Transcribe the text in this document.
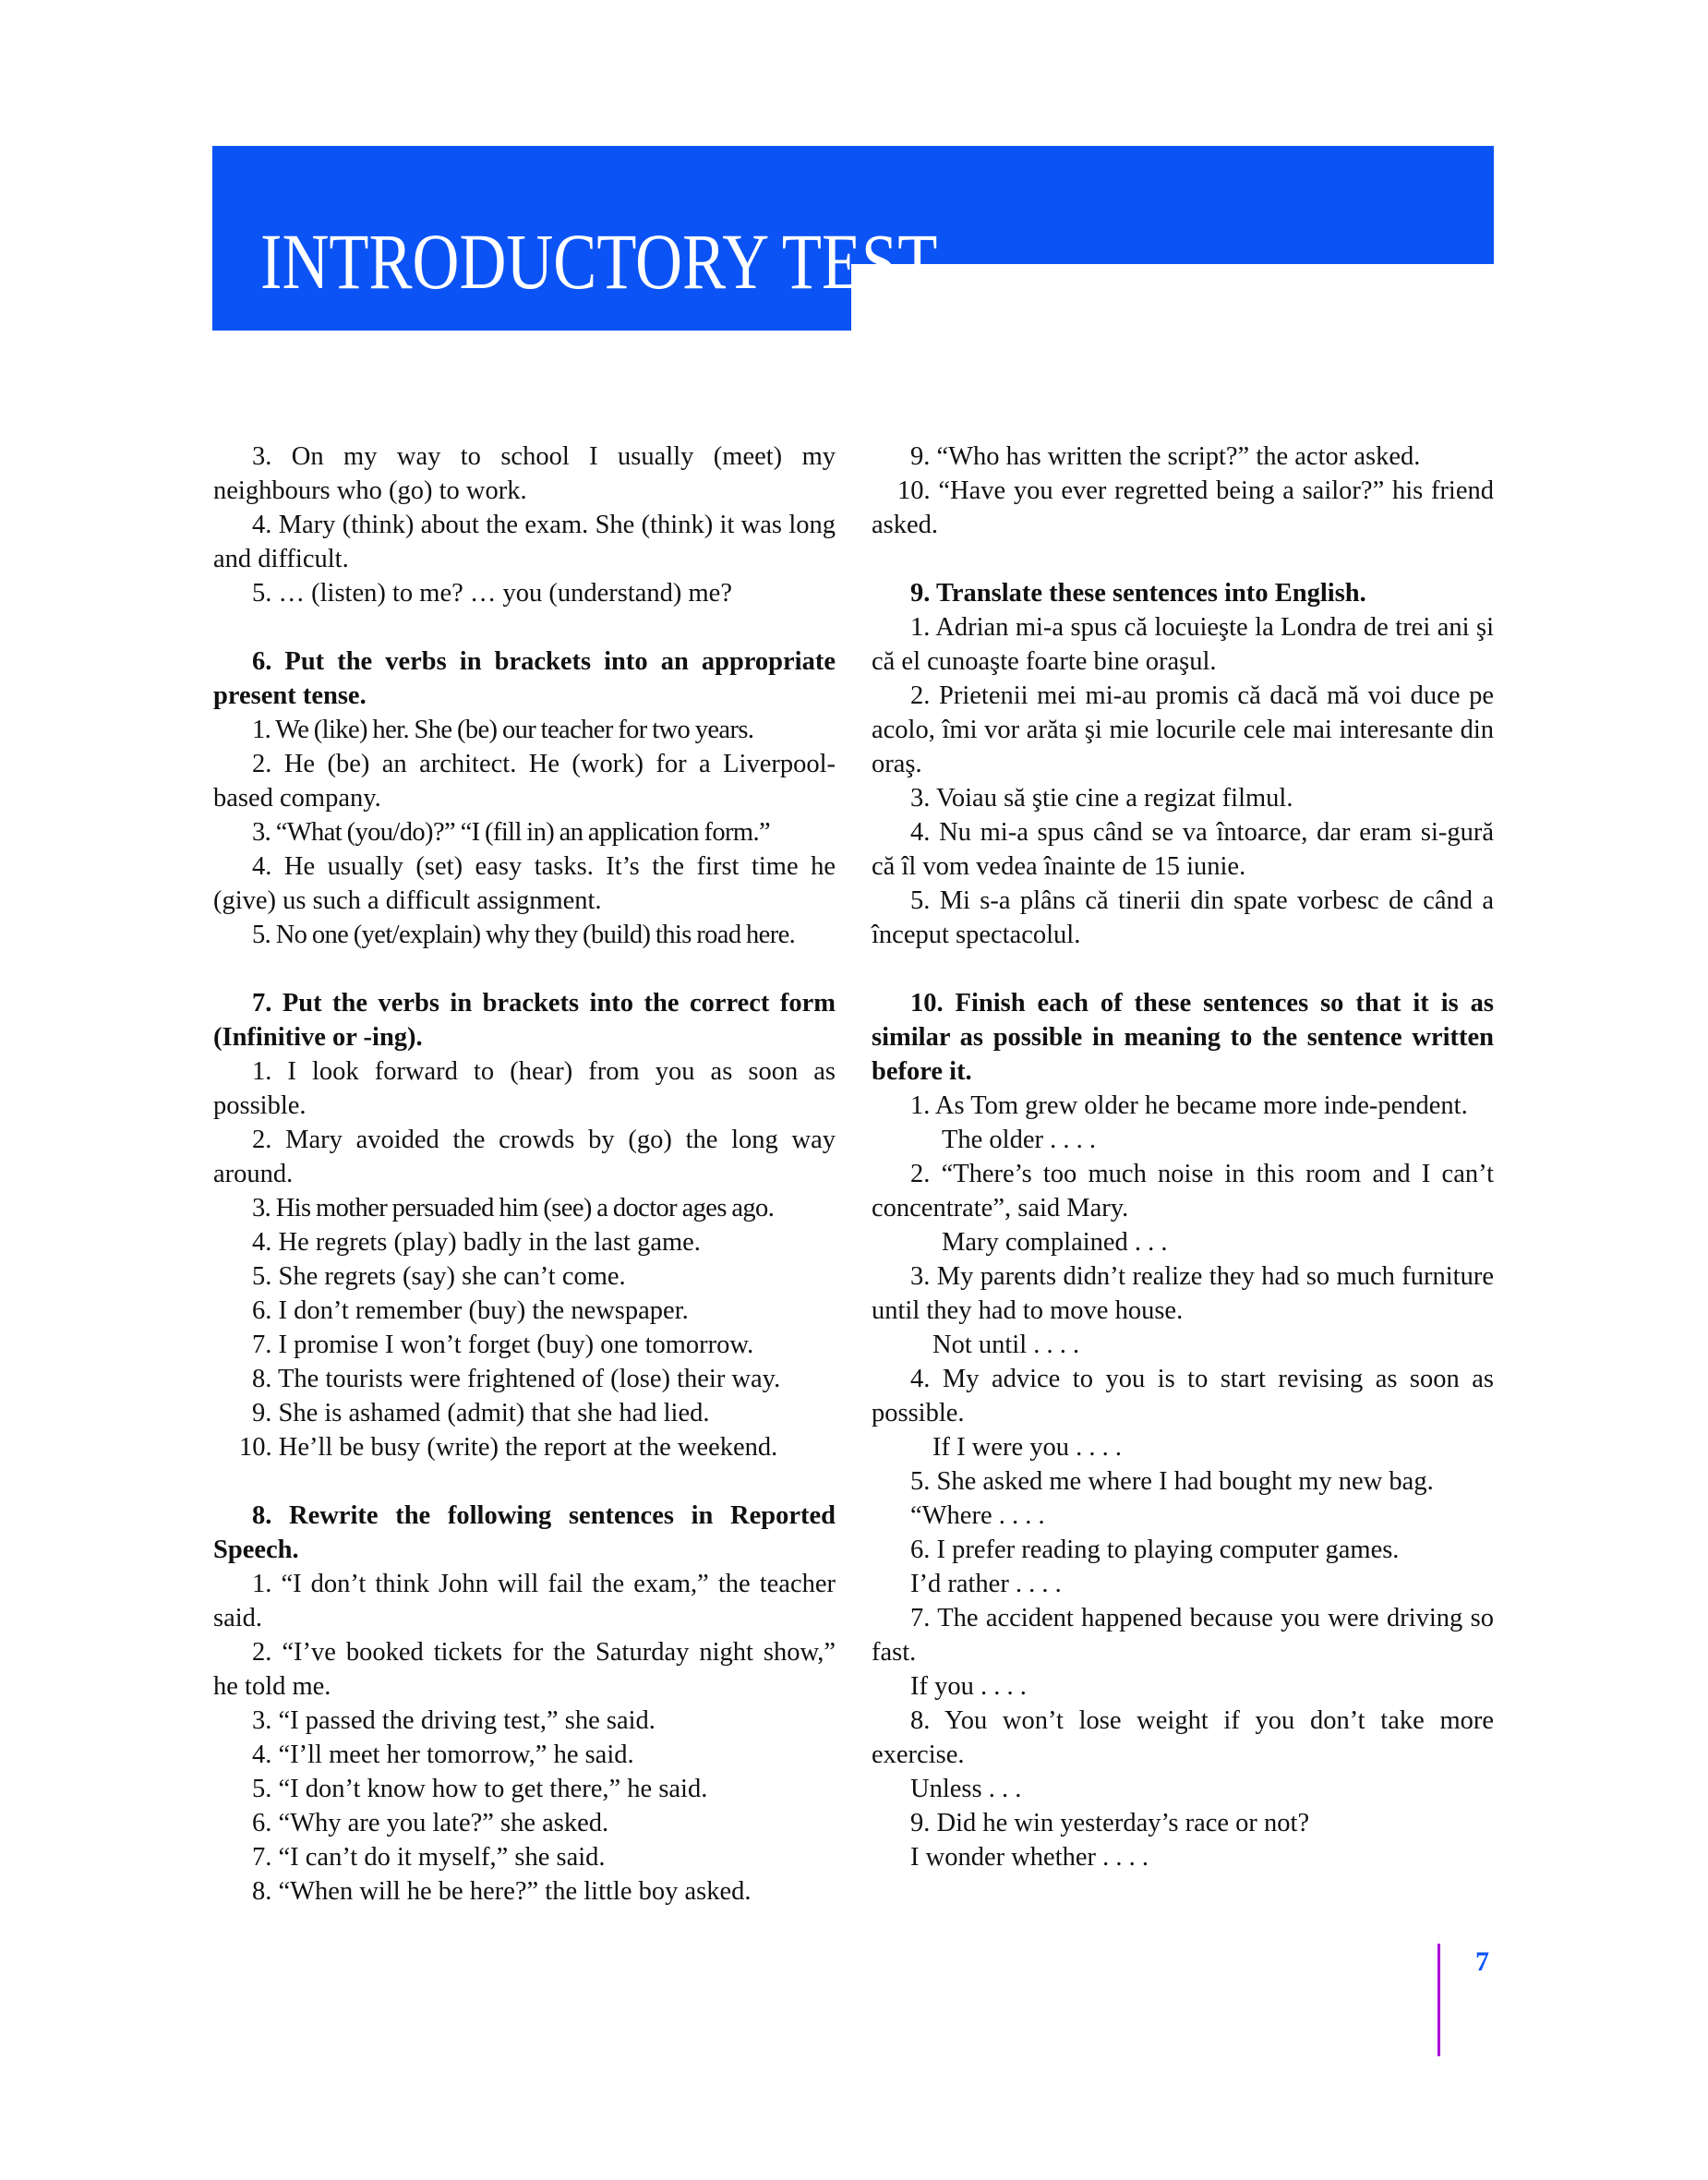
INTRODUCTORY TEST

3. On my way to school I usually (meet) my neighbours who (go) to work.

4. Mary (think) about the exam. She (think) it was long and difficult.

5. … (listen) to me? … you (understand) me?

6. Put the verbs in brackets into an appropriate present tense.

1. We (like) her. She (be) our teacher for two years.

2. He (be) an architect. He (work) for a Liverpool-based company.

3. “What (you/do)?” “I (fill in) an application form.”

4. He usually (set) easy tasks. It’s the first time he (give) us such a difficult assignment.

5. No one (yet/explain) why they (build) this road here.

7. Put the verbs in brackets into the correct form (Infinitive or -ing).

1. I look forward to (hear) from you as soon as possible.

2. Mary avoided the crowds by (go) the long way around.

3. His mother persuaded him (see) a doctor ages ago.

4. He regrets (play) badly in the last game.

5. She regrets (say) she can’t come.

6. I don’t remember (buy) the newspaper.

7. I promise I won’t forget (buy) one tomorrow.

8. The tourists were frightened of (lose) their way.

9. She is ashamed (admit) that she had lied.

10. He’ll be busy (write) the report at the weekend.

8. Rewrite the following sentences in Reported Speech.

1. “I don’t think John will fail the exam,” the teacher said.

2. “I’ve booked tickets for the Saturday night show,” he told me.

3. “I passed the driving test,” she said.

4. “I’ll meet her tomorrow,” he said.

5. “I don’t know how to get there,” he said.

6. “Why are you late?” she asked.

7. “I can’t do it myself,” she said.

8. “When will he be here?” the little boy asked.

9. “Who has written the script?” the actor asked.

10. “Have you ever regretted being a sailor?” his friend asked.

9. Translate these sentences into English.

1. Adrian mi-a spus că locuieşte la Londra de trei ani şi că el cunoaşte foarte bine oraşul.

2. Prietenii mei mi-au promis că dacă mă voi duce pe acolo, îmi vor arăta şi mie locurile cele mai interesante din oraş.

3. Voiau să ştie cine a regizat filmul.

4. Nu mi-a spus când se va întoarce, dar eram si-gură că îl vom vedea înainte de 15 iunie.

5. Mi s-a plâns că tinerii din spate vorbesc de când a început spectacolul.

10. Finish each of these sentences so that it is as similar as possible in meaning to the sentence written before it.

1. As Tom grew older he became more inde-pendent.

The older . . . .

2. “There’s too much noise in this room and I can’t concentrate”, said Mary.

Mary complained . . .

3. My parents didn’t realize they had so much furniture until they had to move house.

Not until . . . .

4. My advice to you is to start revising as soon as possible.

If I were you . . . .

5. She asked me where I had bought my new bag.

“Where . . . .

6. I prefer reading to playing computer games.

I’d rather . . . .

7. The accident happened because you were driving so fast.

If you . . . .

8. You won’t lose weight if you don’t take more exercise.

Unless . . .

9. Did he win yesterday’s race or not?

I wonder whether . . . .

7
